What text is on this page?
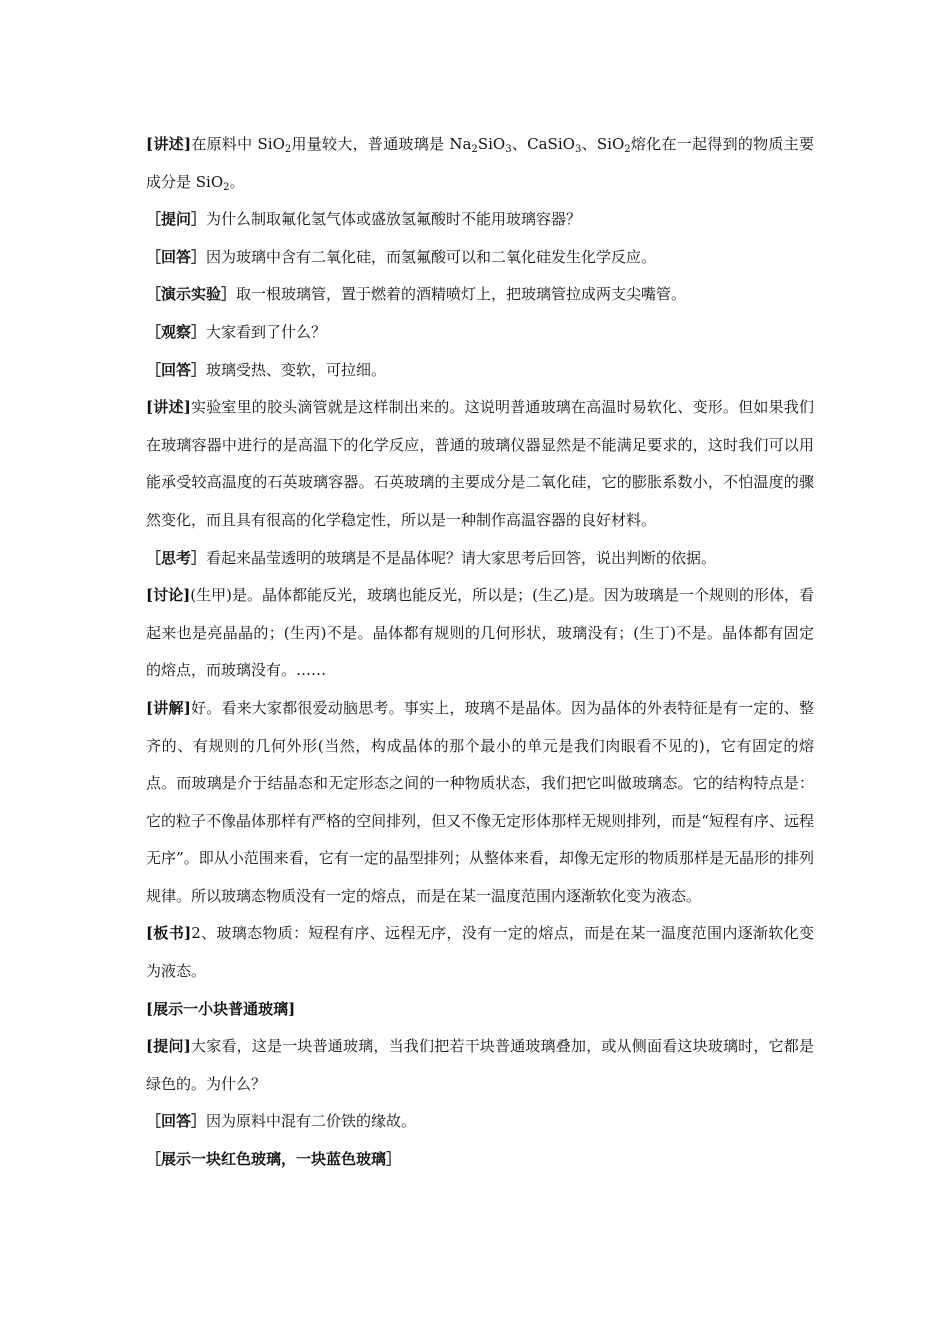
[讲述]在原料中 SiO$_2$用量较大，普通玻璃是 $Na_2SiO_3$、CaSiO$_3$、SiO$_2$熔化在一起得到的物质主要成分是 SiO$_2$。

［提问］为什么制取氟化氢气体或盛放氢氟酸时不能用玻璃容器？

［回答］因为玻璃中含有二氧化硅，而氢氟酸可以和二氧化硅发生化学反应。

［演示实验］取一根玻璃管，置于燃着的酒精喷灯上，把玻璃管拉成两支尖嘴管。

［观察］大家看到了什么？

［回答］玻璃受热、变软，可拉细。

[讲述]实验室里的胶头滴管就是这样制出来的。这说明普通玻璃在高温时易软化、变形。但如果我们在玻璃容器中进行的是高温下的化学反应，普通的玻璃仪器显然是不能满足要求的，这时我们可以用能承受较高温度的石英玻璃容器。石英玻璃的主要成分是二氧化硅，它的膨胀系数小，不怕温度的骤然变化，而且具有很高的化学稳定性，所以是一种制作高温容器的良好材料。

［思考］看起来晶莹透明的玻璃是不是晶体呢？请大家思考后回答，说出判断的依据。

[讨论](生甲)是。晶体都能反光，玻璃也能反光，所以是；(生乙)是。因为玻璃是一个规则的形体，看起来也是亮晶晶的；(生丙)不是。晶体都有规则的几何形状，玻璃没有；(生丁)不是。晶体都有固定的熔点，而玻璃没有。……

[讲解]好。看来大家都很爱动脑思考。事实上，玻璃不是晶体。因为晶体的外表特征是有一定的、整齐的、有规则的几何外形(当然，构成晶体的那个最小的单元是我们肉眼看不见的)，它有固定的熔点。而玻璃是介于结晶态和无定形态之间的一种物质状态，我们把它叫做玻璃态。它的结构特点是：它的粒子不像晶体那样有严格的空间排列，但又不像无定形体那样无规则排列，而是“短程有序、远程无序”。即从小范围来看，它有一定的晶型排列；从整体来看，却像无定形的物质那样是无晶形的排列规律。所以玻璃态物质没有一定的熔点，而是在某一温度范围内逐渐软化变为液态。

[板书]2、玻璃态物质：短程有序、远程无序，没有一定的熔点，而是在某一温度范围内逐渐软化变为液态。

[展示一小块普通玻璃]

[提问]大家看，这是一块普通玻璃，当我们把若干块普通玻璃叠加，或从侧面看这块玻璃时，它都是绿色的。为什么？

［回答］因为原料中混有二价铁的缘故。

［展示一块红色玻璃，一块蓝色玻璃］
